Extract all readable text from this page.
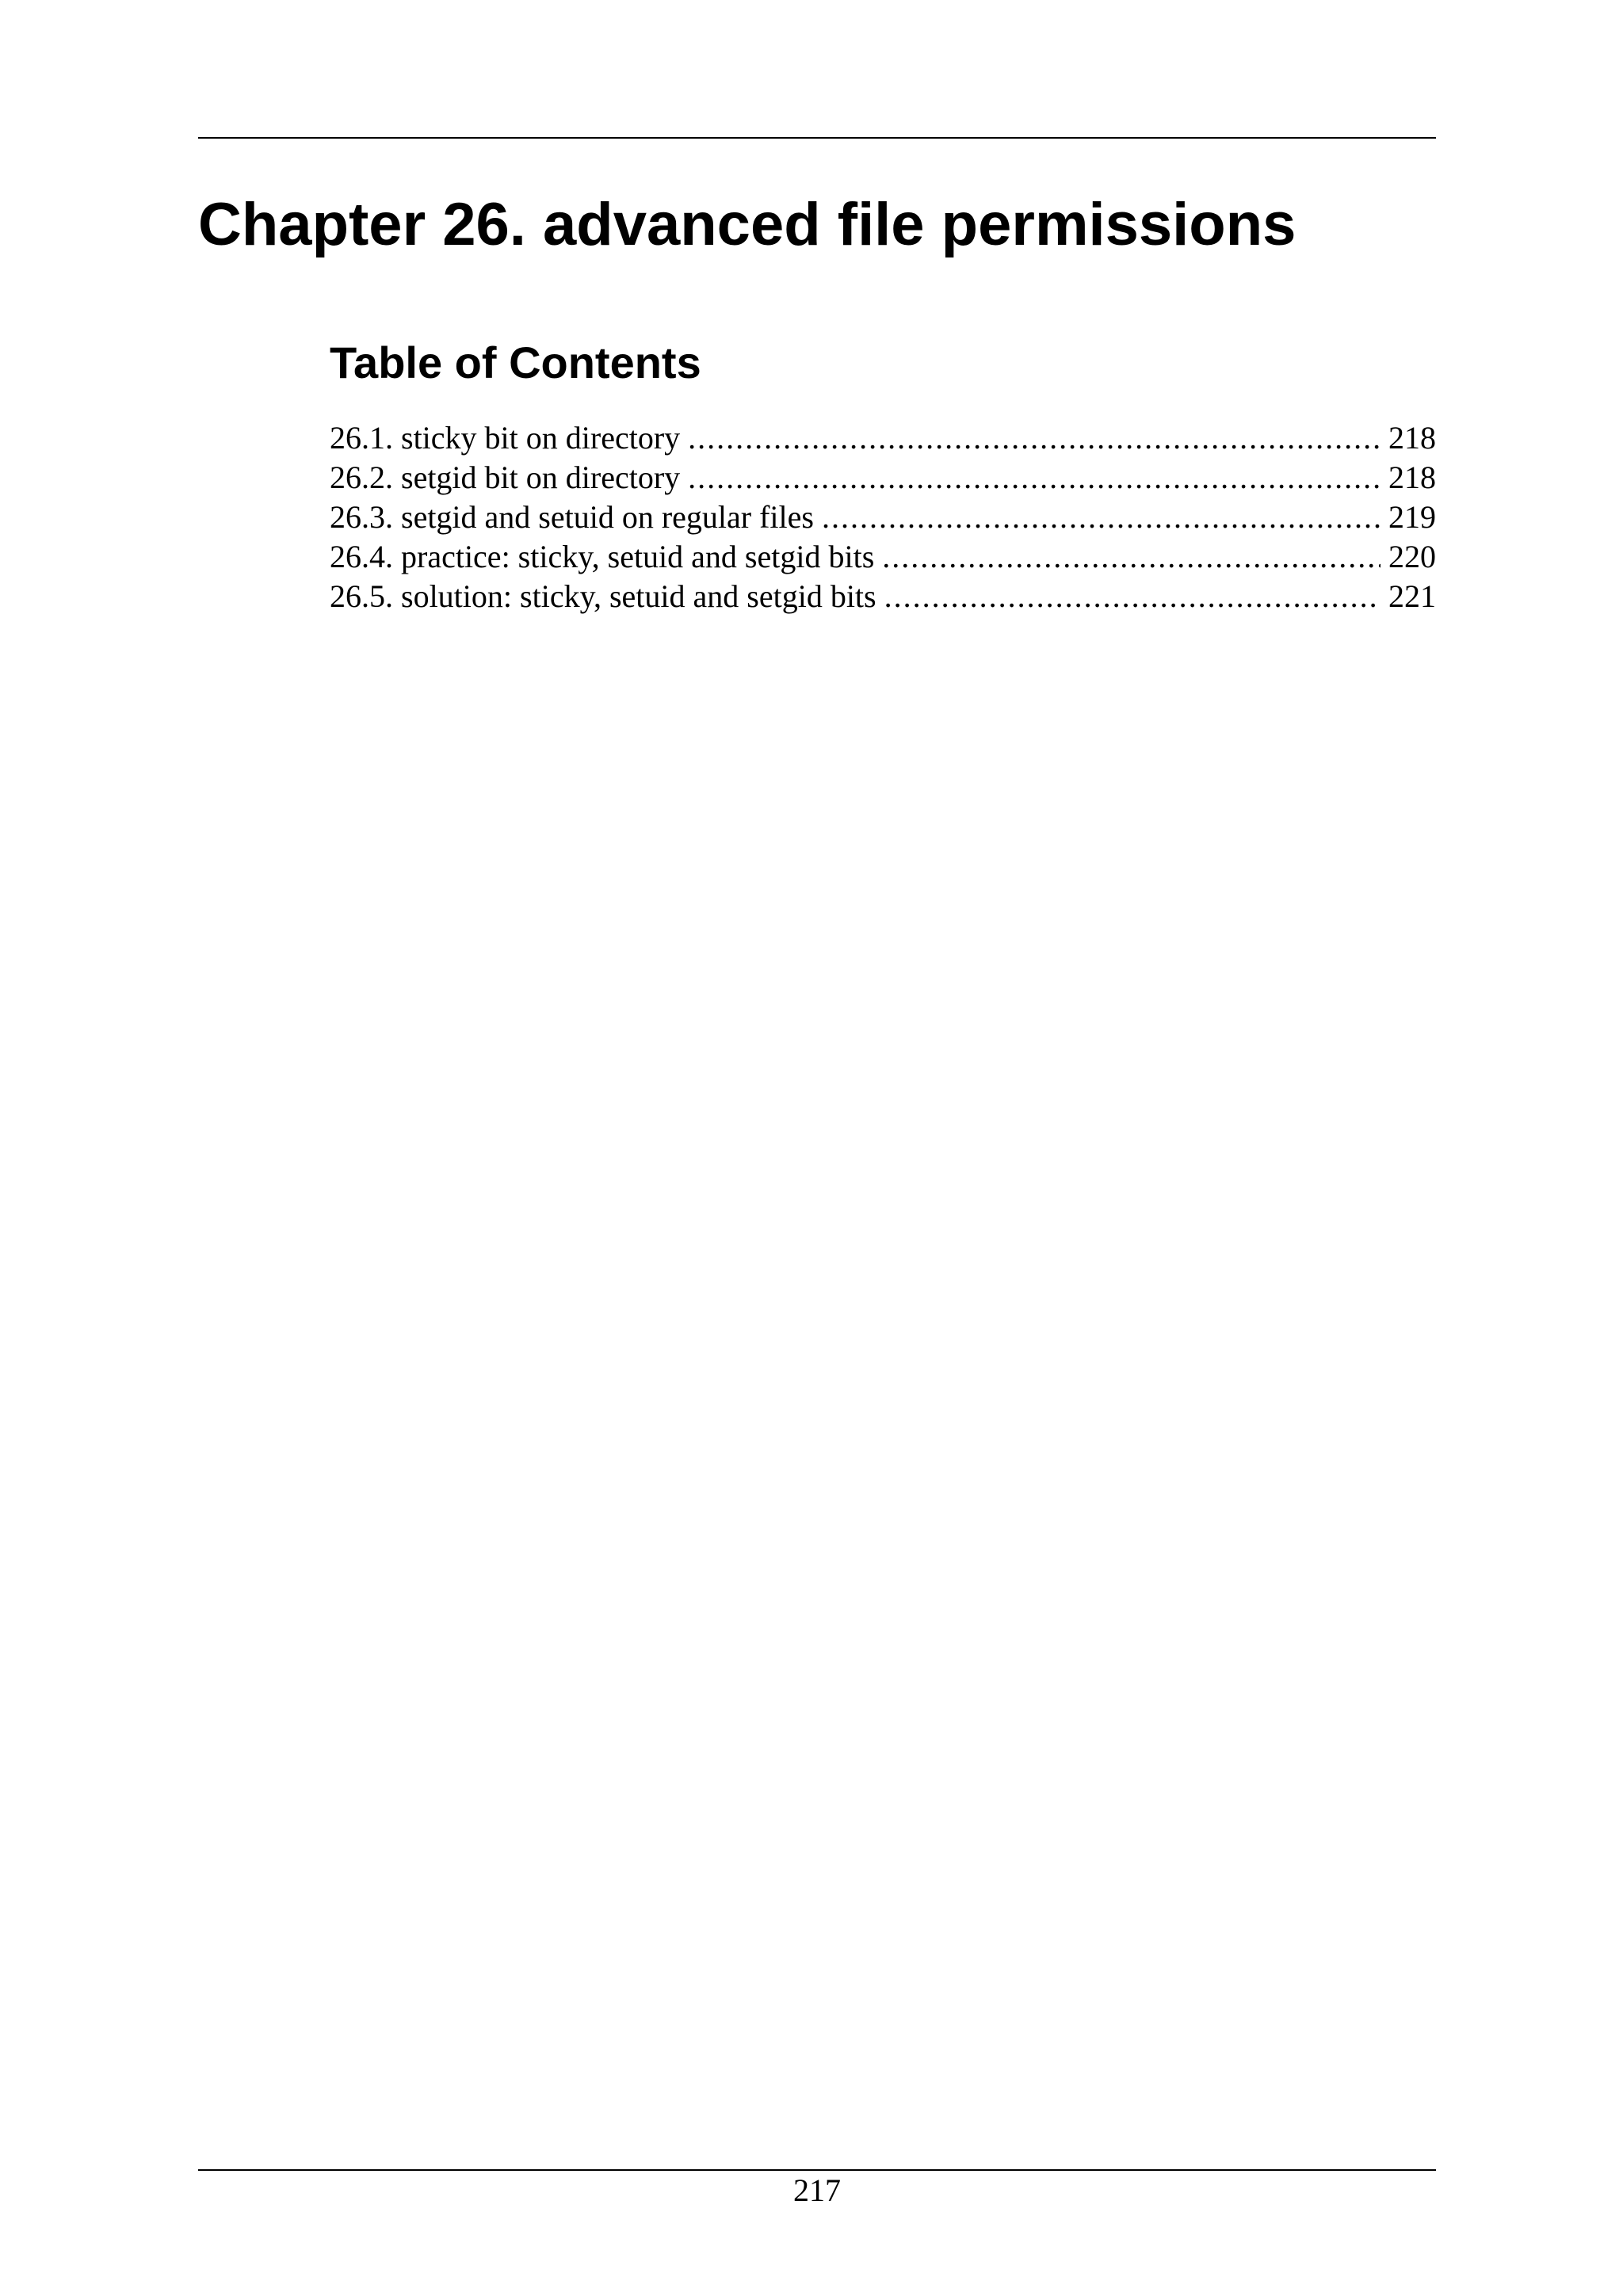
Chapter 26. advanced file permissions
Table of Contents
26.1. sticky bit on directory .....	218
26.2. setgid bit on directory .....	218
26.3. setgid and setuid on regular files .....	219
26.4. practice: sticky, setuid and setgid bits .....	220
26.5. solution: sticky, setuid and setgid bits .....	221
217
